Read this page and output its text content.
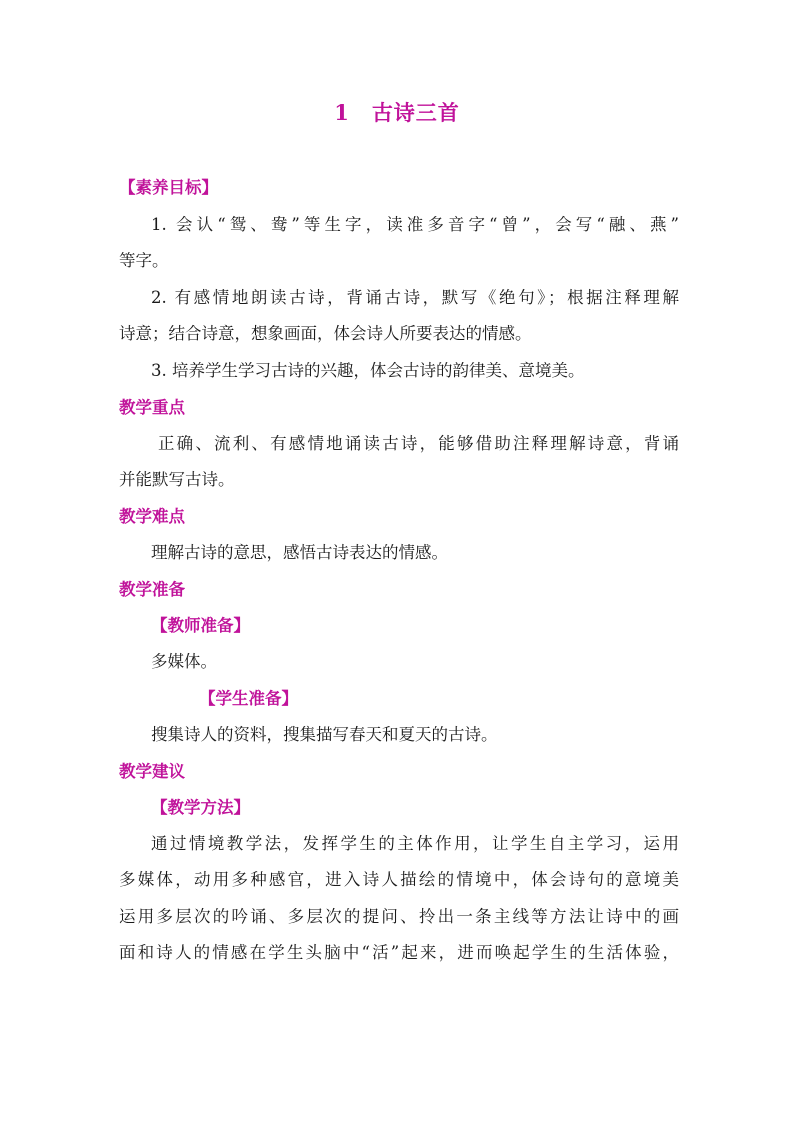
1 古诗三首
【素养目标】
1. 会认“鸳、鸯”等生字，读准多音字“曾”，会写“融、燕”
等字。
2. 有感情地朗读古诗，背诵古诗，默写《绝句》；根据注释理解
诗意；结合诗意，想象画面，体会诗人所要表达的情感。
3. 培养学生学习古诗的兴趣，体会古诗的韵律美、意境美。
教学重点
正确、流利、有感情地诵读古诗，能够借助注释理解诗意，背诵
并能默写古诗。
教学难点
理解古诗的意思，感悟古诗表达的情感。
教学准备
【教师准备】
多媒体。
【学生准备】
搜集诗人的资料，搜集描写春天和夏天的古诗。
教学建议
【教学方法】
通过情境教学法，发挥学生的主体作用，让学生自主学习，运用
多媒体，动用多种感官，进入诗人描绘的情境中，体会诗句的意境美
运用多层次的吟诵、多层次的提问、拎出一条主线等方法让诗中的画
面和诗人的情感在学生头脑中“活”起来，进而唤起学生的生活体验，
